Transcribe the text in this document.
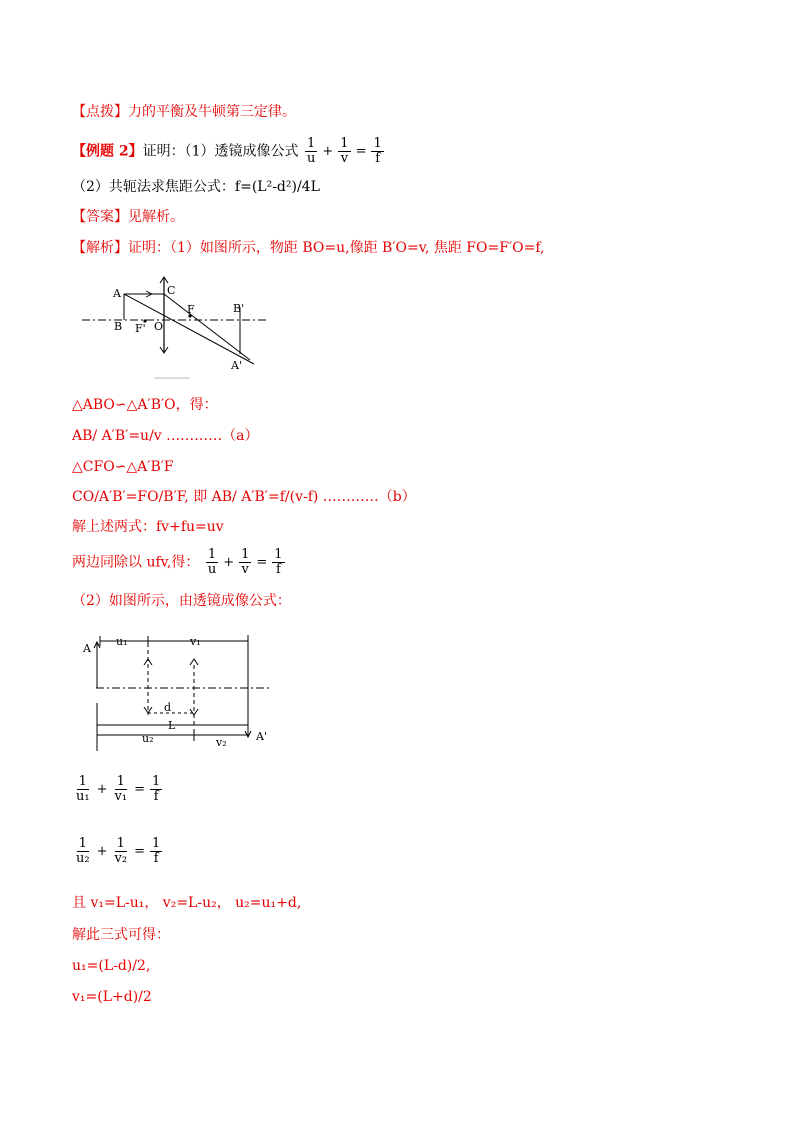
【点拨】力的平衡及牛顿第三定律。
【例题 2】证明：（1）透镜成像公式 $\frac{1}{u} + \frac{1}{v} = \frac{1}{f}$
（2）共轭法求焦距公式：f=(L²-d²)/4L
【答案】见解析。
【解析】证明：（1）如图所示，物距 BO=u,像距 B′O=v, 焦距 FO=F′O=f,
A
B
C
F
F' O
B'
A'
△ABO∽△A′B′O，得：
AB/ A′B′=u/v …………（a）
△CFO∽△A′B′F
CO/A′B′=FO/B′F, 即 AB/ A′B′=f/(v-f) …………（b）
解上述两式：fv+fu=uv
两边同除以 ufv,得： $\frac{1}{u} + \frac{1}{v} = \frac{1}{f}$
（2）如图所示，由透镜成像公式：
A
u₁	v₁
d
L
u₂	v₂	A'
$\frac{1}{\text{u₁}} + \frac{1}{\text{v₁}} = \frac{1}{f}$
$\frac{1}{\text{u₂}} + \frac{1}{\text{v₂}} = \frac{1}{f}$
且 v₁=L-u₁， v₂=L-u₂， u₂=u₁+d,
解此三式可得：
u₁=(L-d)/2,
v₁=(L+d)/2
